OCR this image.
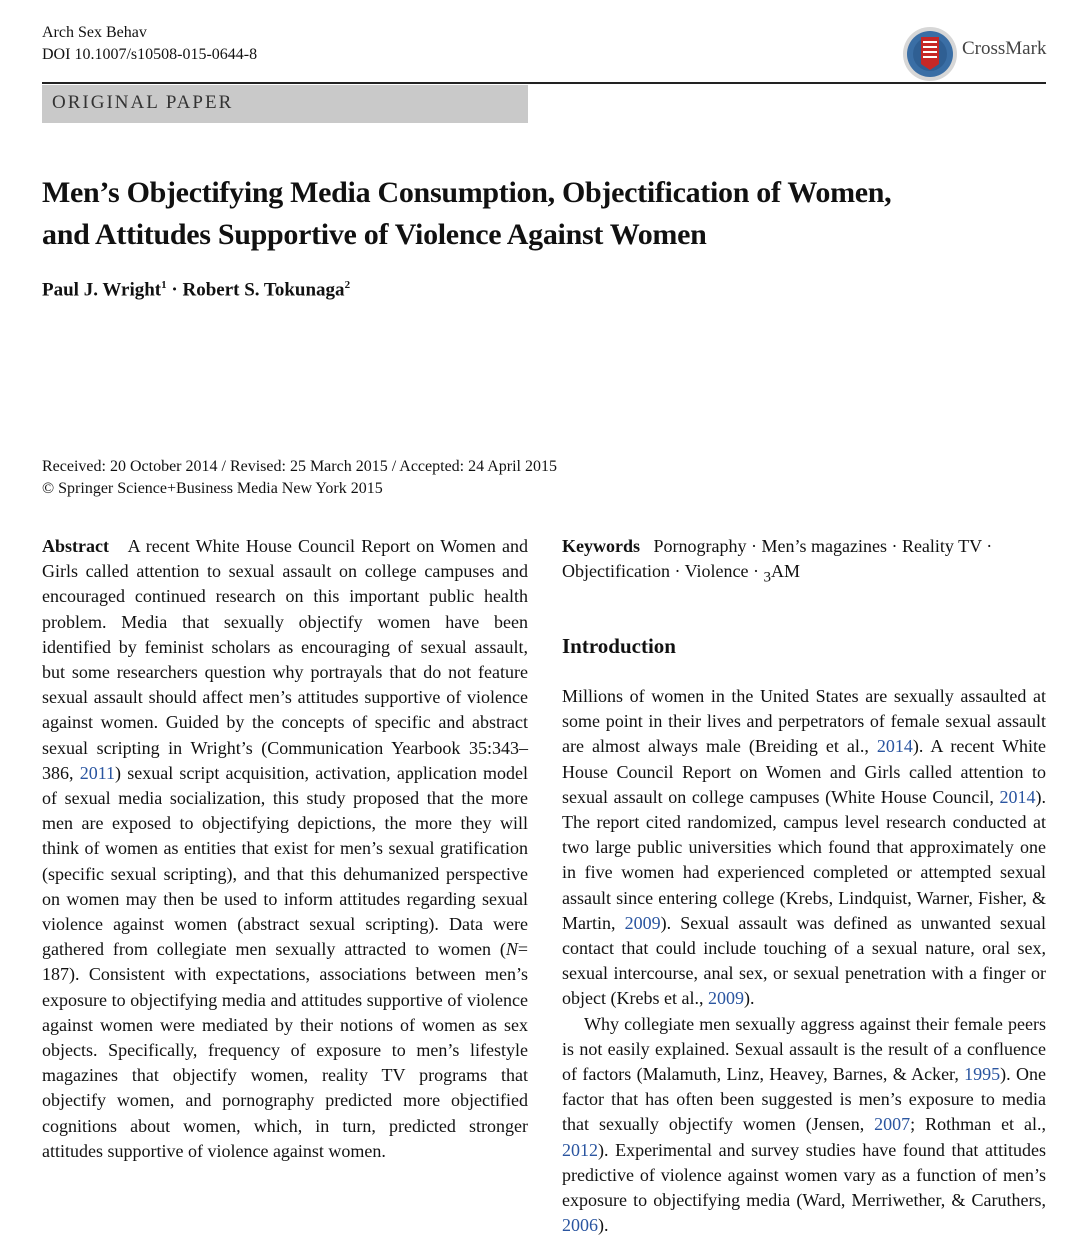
Arch Sex Behav
DOI 10.1007/s10508-015-0644-8	CrossMark
ORIGINAL PAPER
Men’s Objectifying Media Consumption, Objectification of Women,
and Attitudes Supportive of Violence Against Women
Paul J. Wright$^1$ · Robert S. Tokunaga$^2$
Received: 20 October 2014 / Revised: 25 March 2015 / Accepted: 24 April 2015
© Springer Science+Business Media New York 2015
Abstract A recent White House Council Report on Women and Girls called attention to sexual assault on college campuses and encouraged continued research on this important public health problem. Media that sexually objectify women have been identified by feminist scholars as encouraging of sexual assault, but some researchers question why portrayals that do not feature sexual assault should affect men’s attitudes supportive of violence against women. Guided by the concepts of specific and abstract sexual scripting in Wright’s (Communication Yearbook 35:343–386, 2011) sexual script acquisition, activation, application model of sexual media socialization, this study proposed that the more men are exposed to objectifying depictions, the more they will think of women as entities that exist for men’s sexual gratification (specific sexual scripting), and that this dehumanized perspective on women may then be used to inform attitudes regarding sexual violence against women (abstract sexual scripting). Data were gathered from collegiate men sexually attracted to women (N= 187). Consistent with expectations, associations between men’s exposure to objectifying media and attitudes supportive of violence against women were mediated by their notions of women as sex objects. Specifically, frequency of exposure to men’s lifestyle magazines that objectify women, reality TV programs that objectify women, and pornography predicted more objectified cognitions about women, which, in turn, predicted stronger attitudes supportive of violence against women.
Keywords Pornography · Men’s magazines · Reality TV · Objectification · Violence · $_3$AM
Introduction

Millions of women in the United States are sexually assaulted at some point in their lives and perpetrators of female sexual assault are almost always male (Breiding et al., 2014). A recent White House Council Report on Women and Girls called attention to sexual assault on college campuses (White House Council, 2014). The report cited randomized, campus level research conducted at two large public universities which found that approximately one in five women had experienced completed or attempted sexual assault since entering college (Krebs, Lindquist, Warner, Fisher, & Martin, 2009). Sexual assault was defined as unwanted sexual contact that could include touching of a sexual nature, oral sex, sexual intercourse, anal sex, or sexual penetration with a finger or object (Krebs et al., 2009).

Why collegiate men sexually aggress against their female peers is not easily explained. Sexual assault is the result of a confluence of factors (Malamuth, Linz, Heavey, Barnes, & Acker, 1995). One factor that has often been suggested is men’s exposure to media that sexually objectify women (Jensen, 2007; Rothman et al., 2012). Experimental and survey studies have found that attitudes predictive of violence against women vary as a function of men’s exposure to objectifying media (Ward, Merriwether, & Caruthers, 2006).
